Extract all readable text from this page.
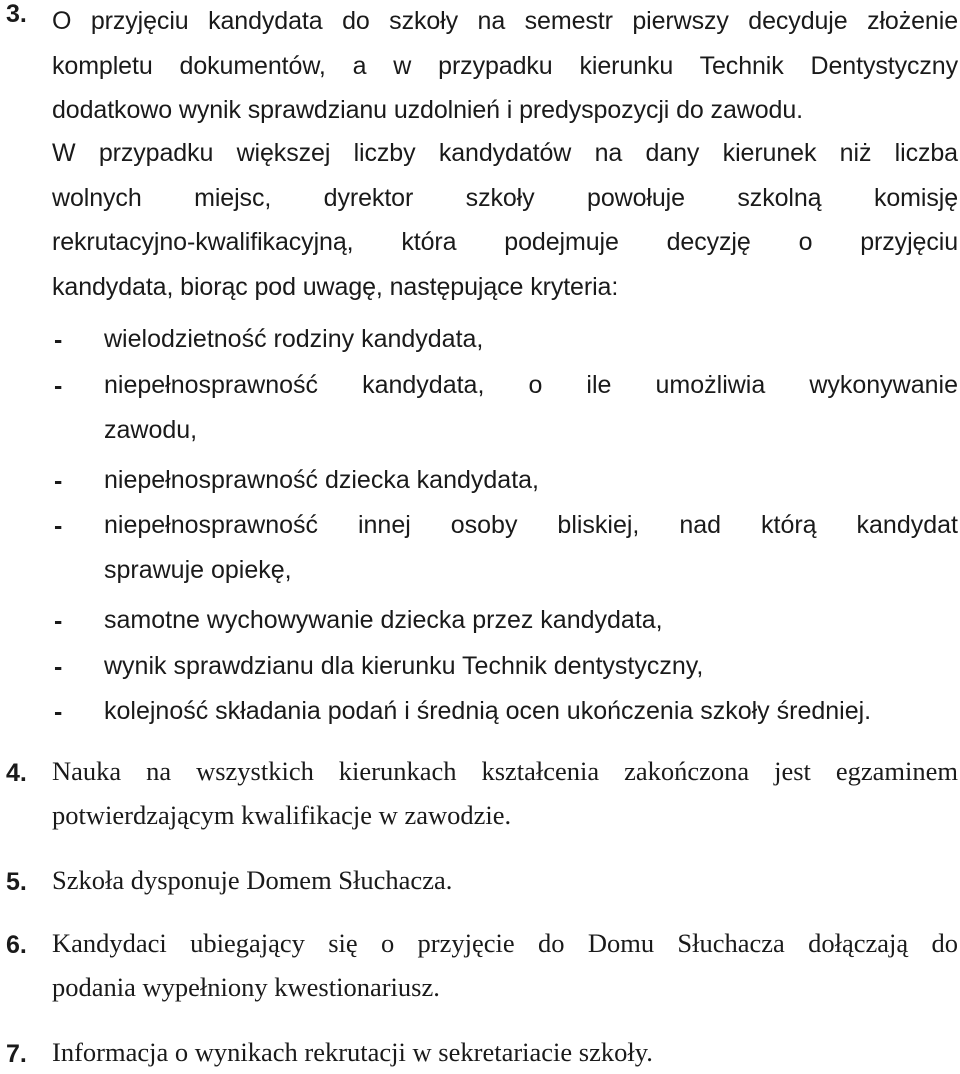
3. O przyjęciu kandydata do szkoły na semestr pierwszy decyduje złożenie
kompletu dokumentów, a w przypadku kierunku Technik Dentystyczny
dodatkowo wynik sprawdzianu uzdolnień i predyspozycji do zawodu.
W przypadku większej liczby kandydatów na dany kierunek niż liczba
wolnych miejsc, dyrektor szkoły powołuje szkolną komisję
rekrutacyjno-kwalifikacyjną, która podejmuje decyzję o przyjęciu
kandydata, biorąc pod uwagę, następujące kryteria:
- wielodzietność rodziny kandydata,
- niepełnosprawność kandydata, o ile umożliwia wykonywanie
zawodu,
- niepełnosprawność dziecka kandydata,
- niepełnosprawność innej osoby bliskiej, nad którą kandydat
sprawuje opiekę,
- samotne wychowywanie dziecka przez kandydata,
- wynik sprawdzianu dla kierunku Technik dentystyczny,
- kolejność składania podań i średnią ocen ukończenia szkoły średniej.
4. Nauka na wszystkich kierunkach kształcenia zakończona jest egzaminem
potwierdzającym kwalifikacje w zawodzie.
5. Szkoła dysponuje Domem Słuchacza.
6. Kandydaci ubiegający się o przyjęcie do Domu Słuchacza dołączają do
podania wypełniony kwestionariusz.
7. Informacja o wynikach rekrutacji w sekretariacie szkoły.
